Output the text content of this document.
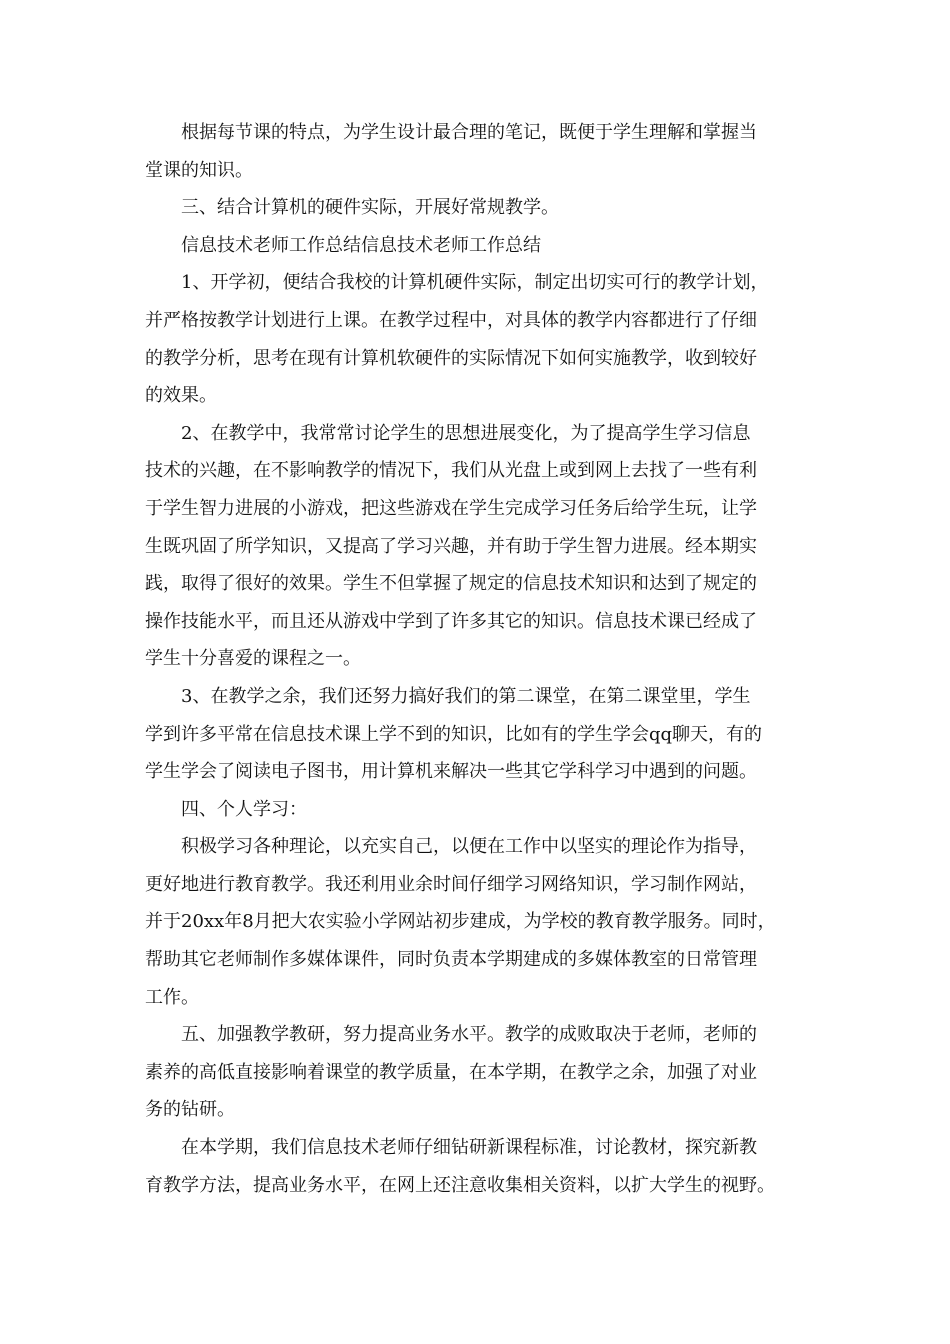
根据每节课的特点，为学生设计最合理的笔记，既便于学生理解和掌握当
堂课的知识。

三、结合计算机的硬件实际，开展好常规教学。

信息技术老师工作总结信息技术老师工作总结

1、开学初，便结合我校的计算机硬件实际，制定出切实可行的教学计划，
并严格按教学计划进行上课。在教学过程中，对具体的教学内容都进行了仔细
的教学分析，思考在现有计算机软硬件的实际情况下如何实施教学，收到较好
的效果。

2、在教学中，我常常讨论学生的思想进展变化，为了提高学生学习信息
技术的兴趣，在不影响教学的情况下，我们从光盘上或到网上去找了一些有利
于学生智力进展的小游戏，把这些游戏在学生完成学习任务后给学生玩，让学
生既巩固了所学知识，又提高了学习兴趣，并有助于学生智力进展。经本期实
践，取得了很好的效果。学生不但掌握了规定的信息技术知识和达到了规定的
操作技能水平，而且还从游戏中学到了许多其它的知识。信息技术课已经成了
学生十分喜爱的课程之一。

3、在教学之余，我们还努力搞好我们的第二课堂，在第二课堂里，学生
学到许多平常在信息技术课上学不到的知识，比如有的学生学会qq聊天，有的
学生学会了阅读电子图书，用计算机来解决一些其它学科学习中遇到的问题。

四、个人学习：

积极学习各种理论，以充实自己，以便在工作中以坚实的理论作为指导，
更好地进行教育教学。我还利用业余时间仔细学习网络知识，学习制作网站，
并于20xx年8月把大农实验小学网站初步建成，为学校的教育教学服务。同时，
帮助其它老师制作多媒体课件，同时负责本学期建成的多媒体教室的日常管理
工作。

五、加强教学教研，努力提高业务水平。教学的成败取决于老师，老师的
素养的高低直接影响着课堂的教学质量，在本学期，在教学之余，加强了对业
务的钻研。

在本学期，我们信息技术老师仔细钻研新课程标准，讨论教材，探究新教
育教学方法，提高业务水平，在网上还注意收集相关资料，以扩大学生的视野。
